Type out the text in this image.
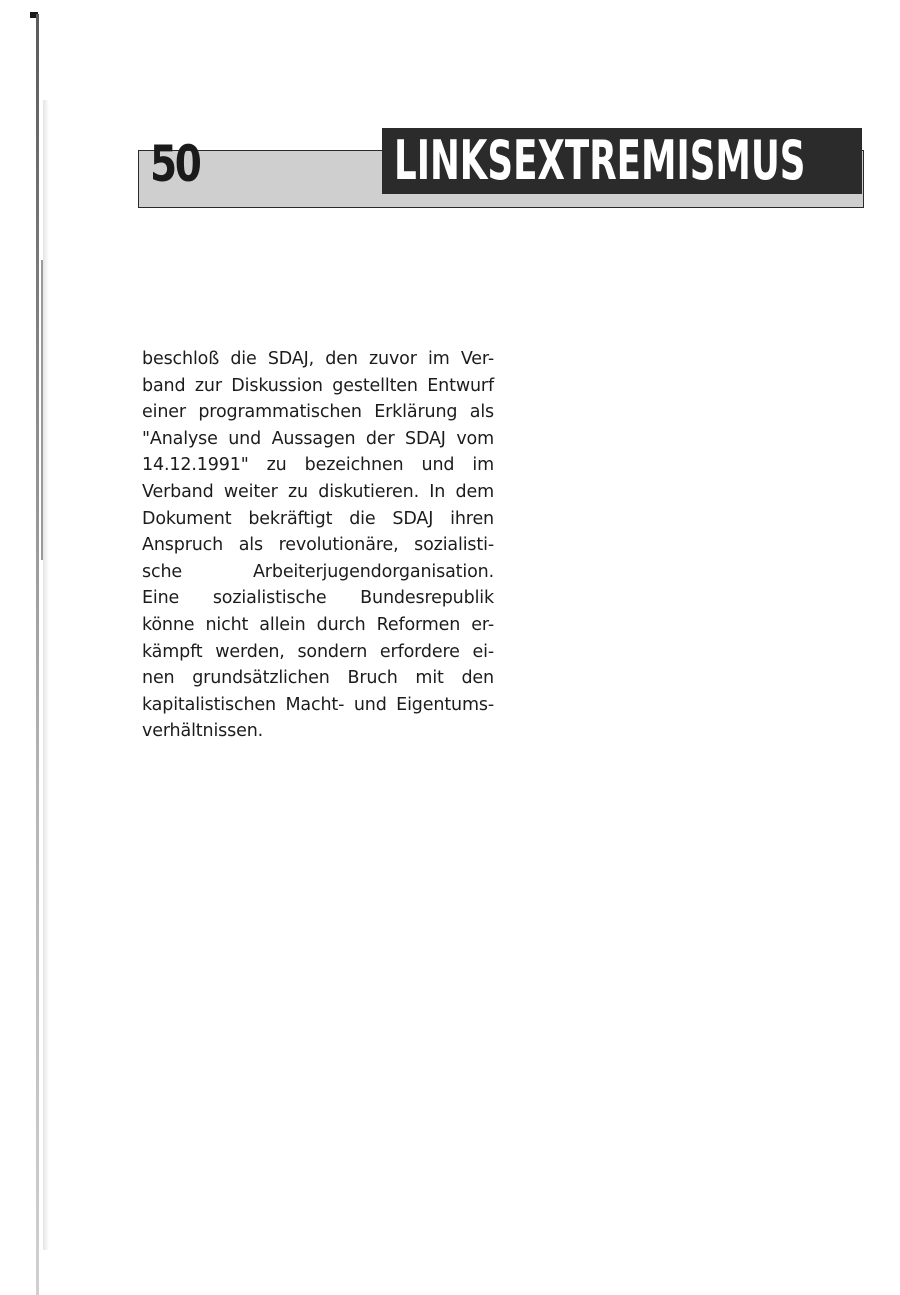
50	LINKSEXTREMISMUS
beschloß die SDAJ, den zuvor im Ver-
band zur Diskussion gestellten Entwurf
einer programmatischen Erklärung als
"Analyse und Aussagen der SDAJ vom
14.12.1991" zu bezeichnen und im
Verband weiter zu diskutieren. In dem
Dokument bekräftigt die SDAJ ihren
Anspruch als revolutionäre, sozialisti-
sche Arbeiterjugendorganisation.
Eine sozialistische Bundesrepublik
könne nicht allein durch Reformen er-
kämpft werden, sondern erfordere ei-
nen grundsätzlichen Bruch mit den
kapitalistischen Macht- und Eigentums-
verhältnissen.
